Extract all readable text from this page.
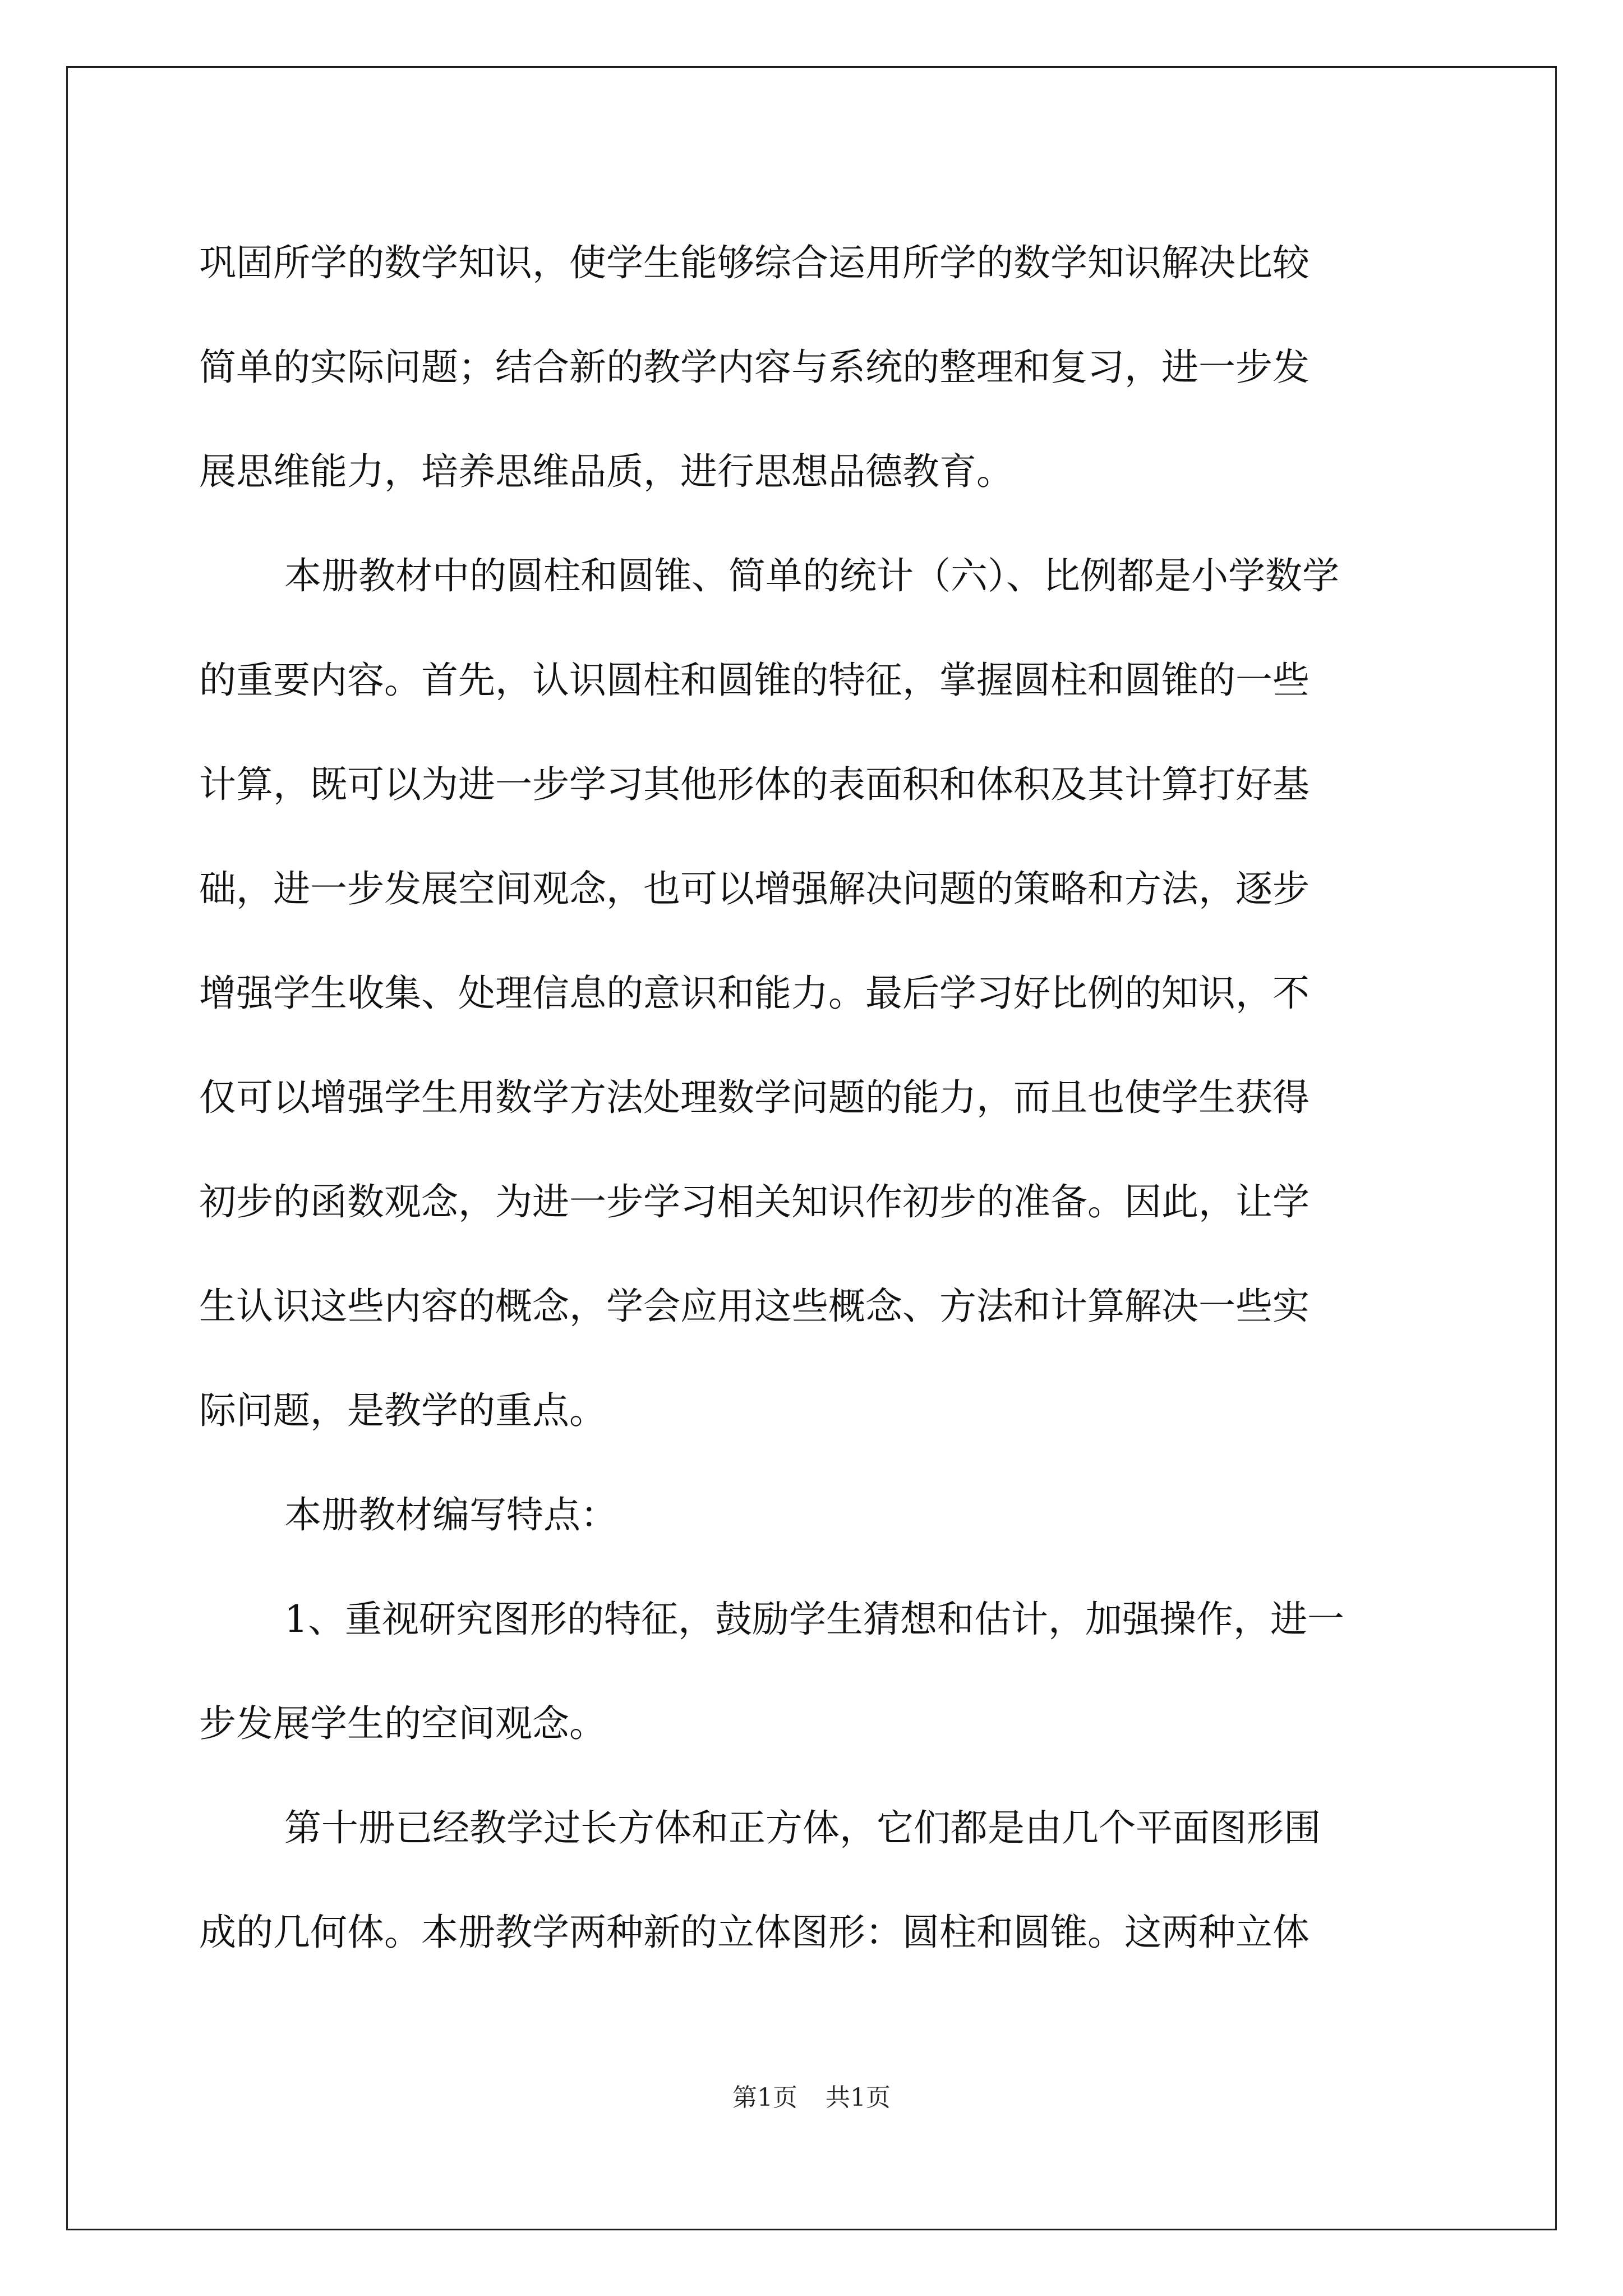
巩固所学的数学知识，使学生能够综合运用所学的数学知识解决比较
简单的实际问题；结合新的教学内容与系统的整理和复习，进一步发
展思维能力，培养思维品质，进行思想品德教育。
本册教材中的圆柱和圆锥、简单的统计（六）、比例都是小学数学
的重要内容。首先，认识圆柱和圆锥的特征，掌握圆柱和圆锥的一些
计算，既可以为进一步学习其他形体的表面积和体积及其计算打好基
础，进一步发展空间观念，也可以增强解决问题的策略和方法，逐步
增强学生收集、处理信息的意识和能力。最后学习好比例的知识，不
仅可以增强学生用数学方法处理数学问题的能力，而且也使学生获得
初步的函数观念，为进一步学习相关知识作初步的准备。因此，让学
生认识这些内容的概念，学会应用这些概念、方法和计算解决一些实
际问题，是教学的重点。
本册教材编写特点：
1、重视研究图形的特征，鼓励学生猜想和估计，加强操作，进一
步发展学生的空间观念。
第十册已经教学过长方体和正方体，它们都是由几个平面图形围
成的几何体。本册教学两种新的立体图形：圆柱和圆锥。这两种立体
第1页 共1页
